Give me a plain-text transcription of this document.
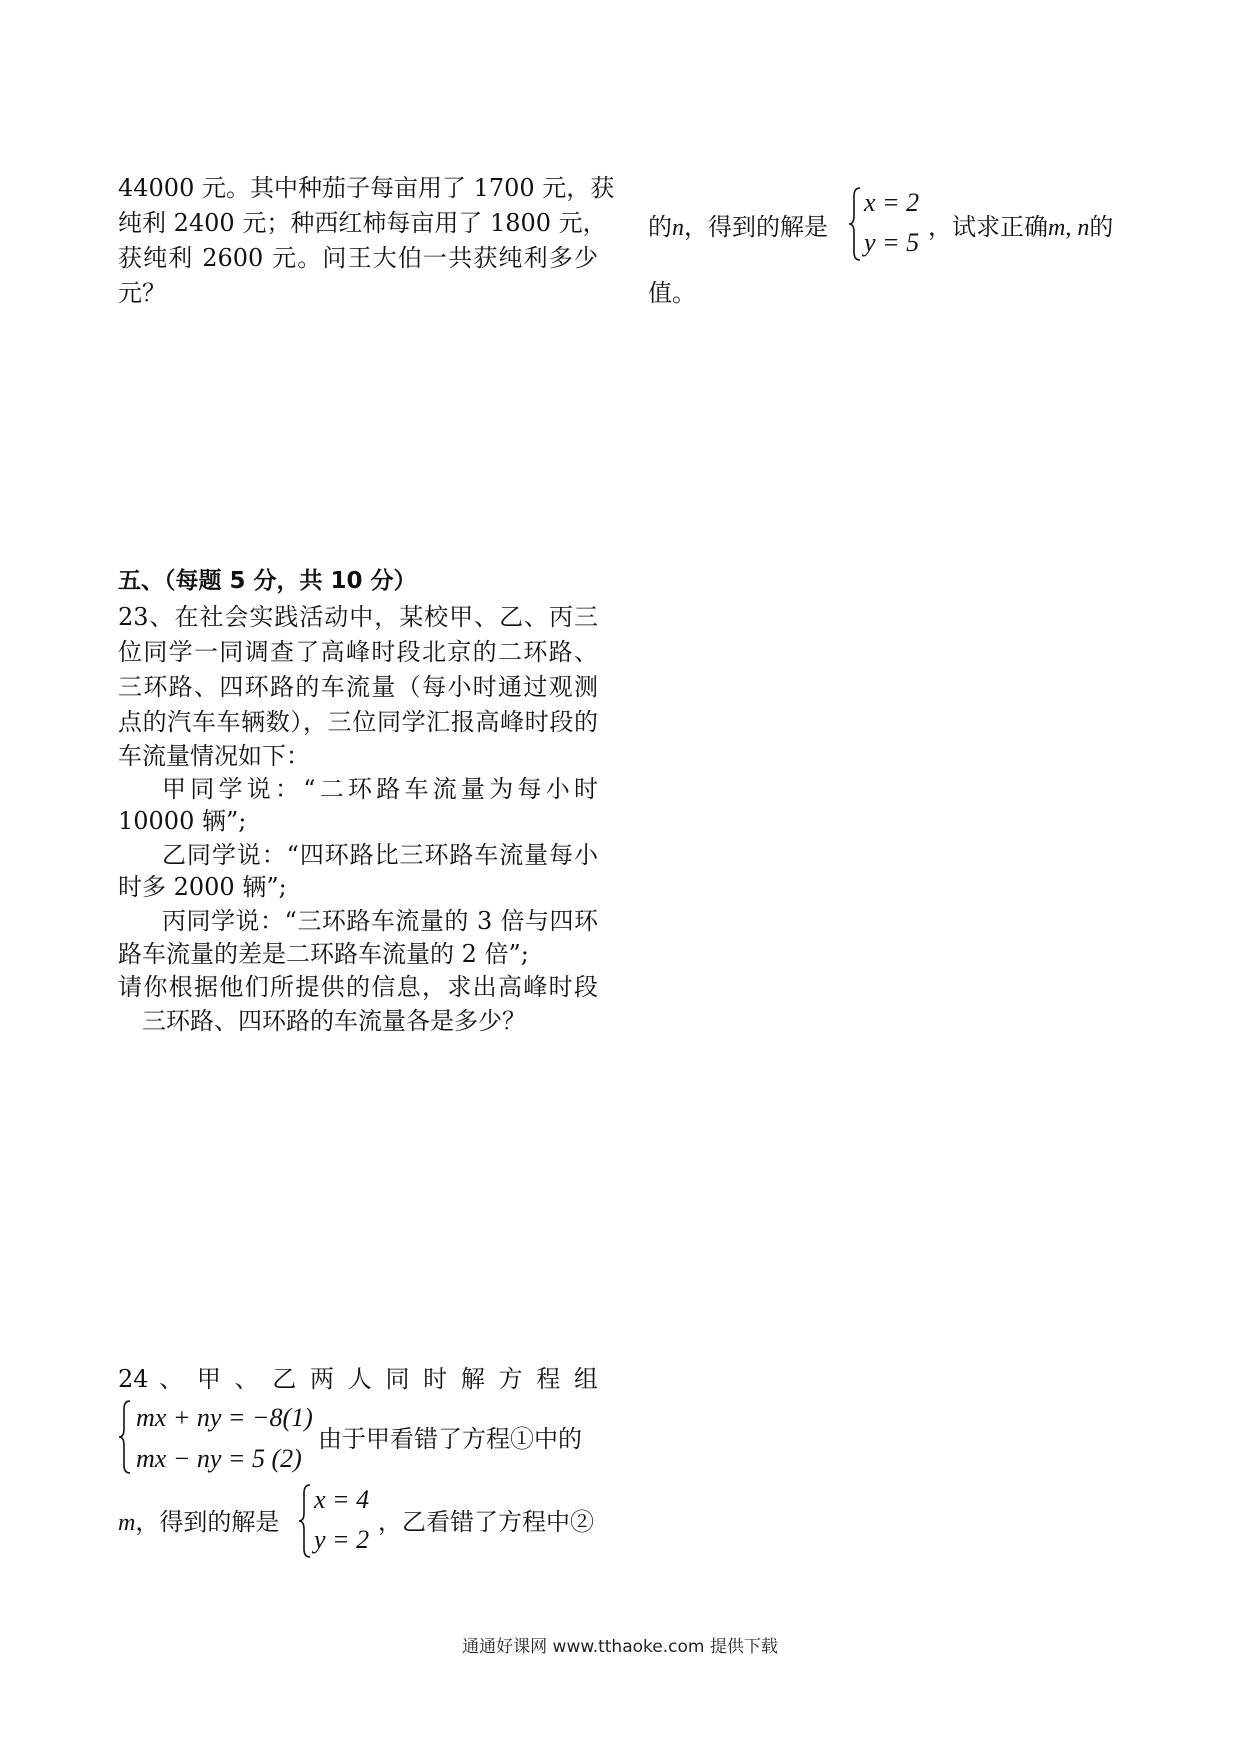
44000 元。其中种茄子每亩用了 1700 元，获
纯利 2400 元；种西红柿每亩用了 1800 元，
获纯利 2600 元。问王大伯一共获纯利多少
元？
的n，得到的解是
x = 2
y = 5
，试求正确m, n的
值。
五、（每题 5 分，共 10 分）
23、在社会实践活动中，某校甲、乙、丙三
位同学一同调查了高峰时段北京的二环路、
三环路、四环路的车流量（每小时通过观测
点的汽车车辆数），三位同学汇报高峰时段的
车流量情况如下：
甲同学说：“二环路车流量为每小时
10000 辆”;
乙同学说：“四环路比三环路车流量每小
时多 2000 辆”;
丙同学说：“三环路车流量的 3 倍与四环
路车流量的差是二环路车流量的 2 倍”;
请你根据他们所提供的信息，求出高峰时段
三环路、四环路的车流量各是多少？
24 、 甲 、 乙 两 人 同 时 解 方 程 组
mx + ny = −8(1)
mx − ny = 5 (2)
由于甲看错了方程①中的
m，得到的解是
x = 4
y = 2
，乙看错了方程中②
通通好课网 www.tthaoke.com 提供下载
